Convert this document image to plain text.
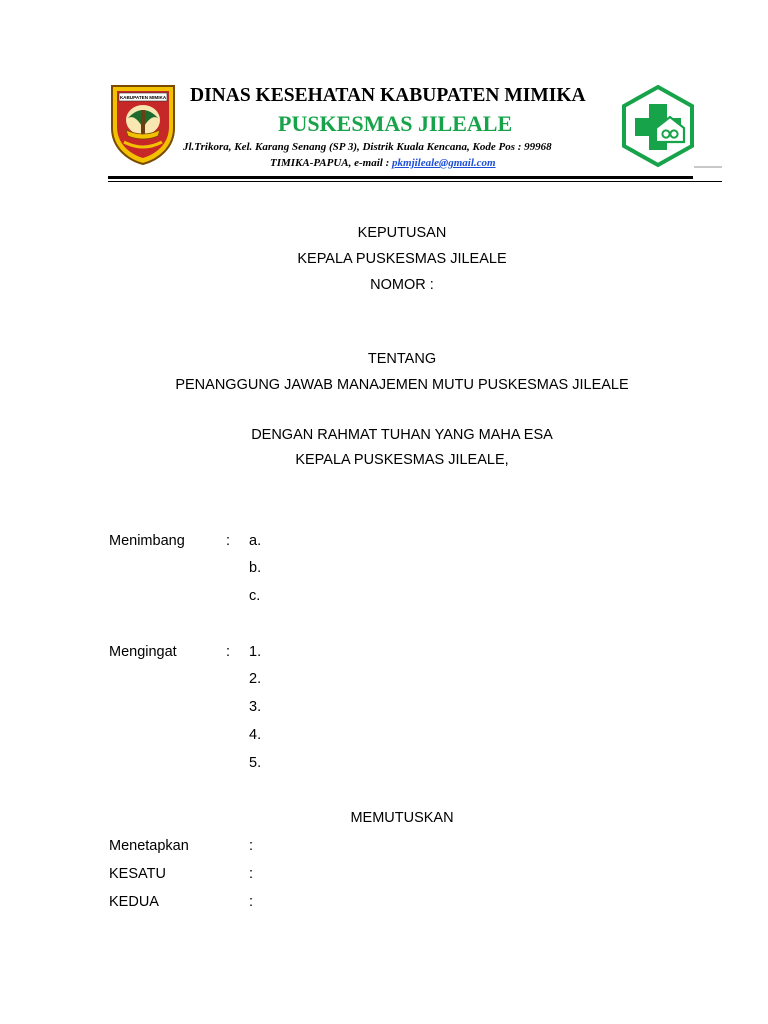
KABUPATEN MIMIKA DINAS KESEHATAN KABUPATEN MIMIKA
PUSKESMAS JILEALE
Jl.Trikora, Kel. Karang Senang (SP 3), Distrik Kuala Kencana, Kode Pos : 99968
TIMIKA-PAPUA, e-mail : pkmjileale@gmail.com
KEPUTUSAN
KEPALA PUSKESMAS JILEALE
NOMOR :
TENTANG
PENANGGUNG JAWAB MANAJEMEN MUTU PUSKESMAS JILEALE
DENGAN RAHMAT TUHAN YANG MAHA ESA
KEPALA PUSKESMAS JILEALE,
Menimbang	: a.
b.
c.
Mengingat	: 1.
2.
3.
4.
5.
MEMUTUSKAN
Menetapkan	:
KESATU	:
KEDUA	:
